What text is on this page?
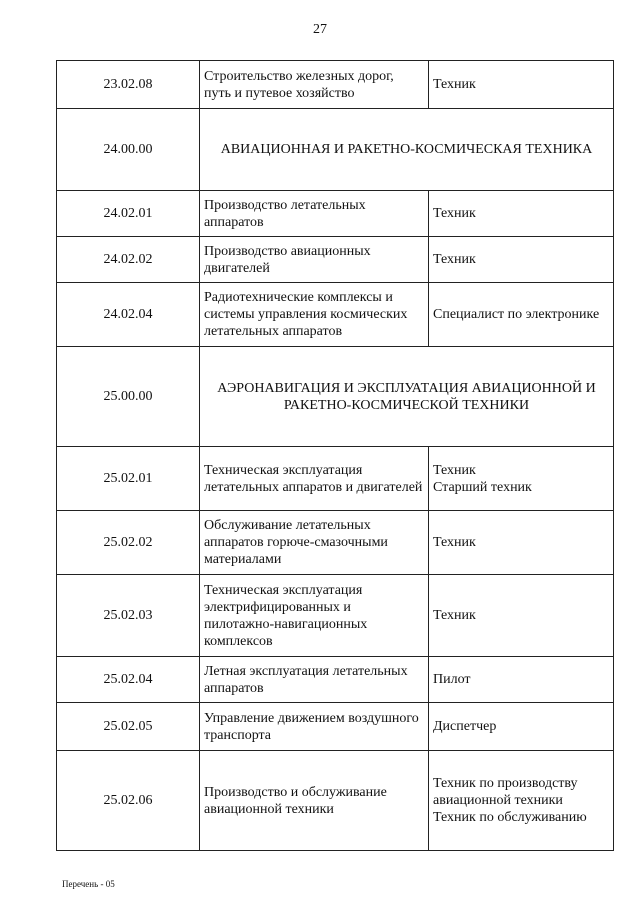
27
23.02.08	Строительство железных дорог, путь и путевое хозяйство	Техник

24.00.00	АВИАЦИОННАЯ И РАКЕТНО-КОСМИЧЕСКАЯ ТЕХНИКА	
24.02.01	Производство летательных аппаратов	Техник

24.02.02	Производство авиационных двигателей	Техник

24.02.04	Радиотехнические комплексы и системы управления космических летательных аппаратов	Специалист по электронике

25.00.00	АЭРОНАВИГАЦИЯ И ЭКСПЛУАТАЦИЯ АВИАЦИОННОЙ И РАКЕТНО-КОСМИЧЕСКОЙ ТЕХНИКИ	
25.02.01	Техническая эксплуатация летательных аппаратов и двигателей	Техник
Старший техник

25.02.02	Обслуживание летательных аппаратов горюче-смазочными материалами	Техник

25.02.03	Техническая эксплуатация электрифицированных и пилотажно-навигационных комплексов	Техник

25.02.04	Летная эксплуатация летательных аппаратов	Пилот

25.02.05	Управление движением воздушного транспорта	Диспетчер

25.02.06	Производство и обслуживание авиационной техники	Техник по производству авиационной техники
Техник по обслуживанию
Перечень - 05
